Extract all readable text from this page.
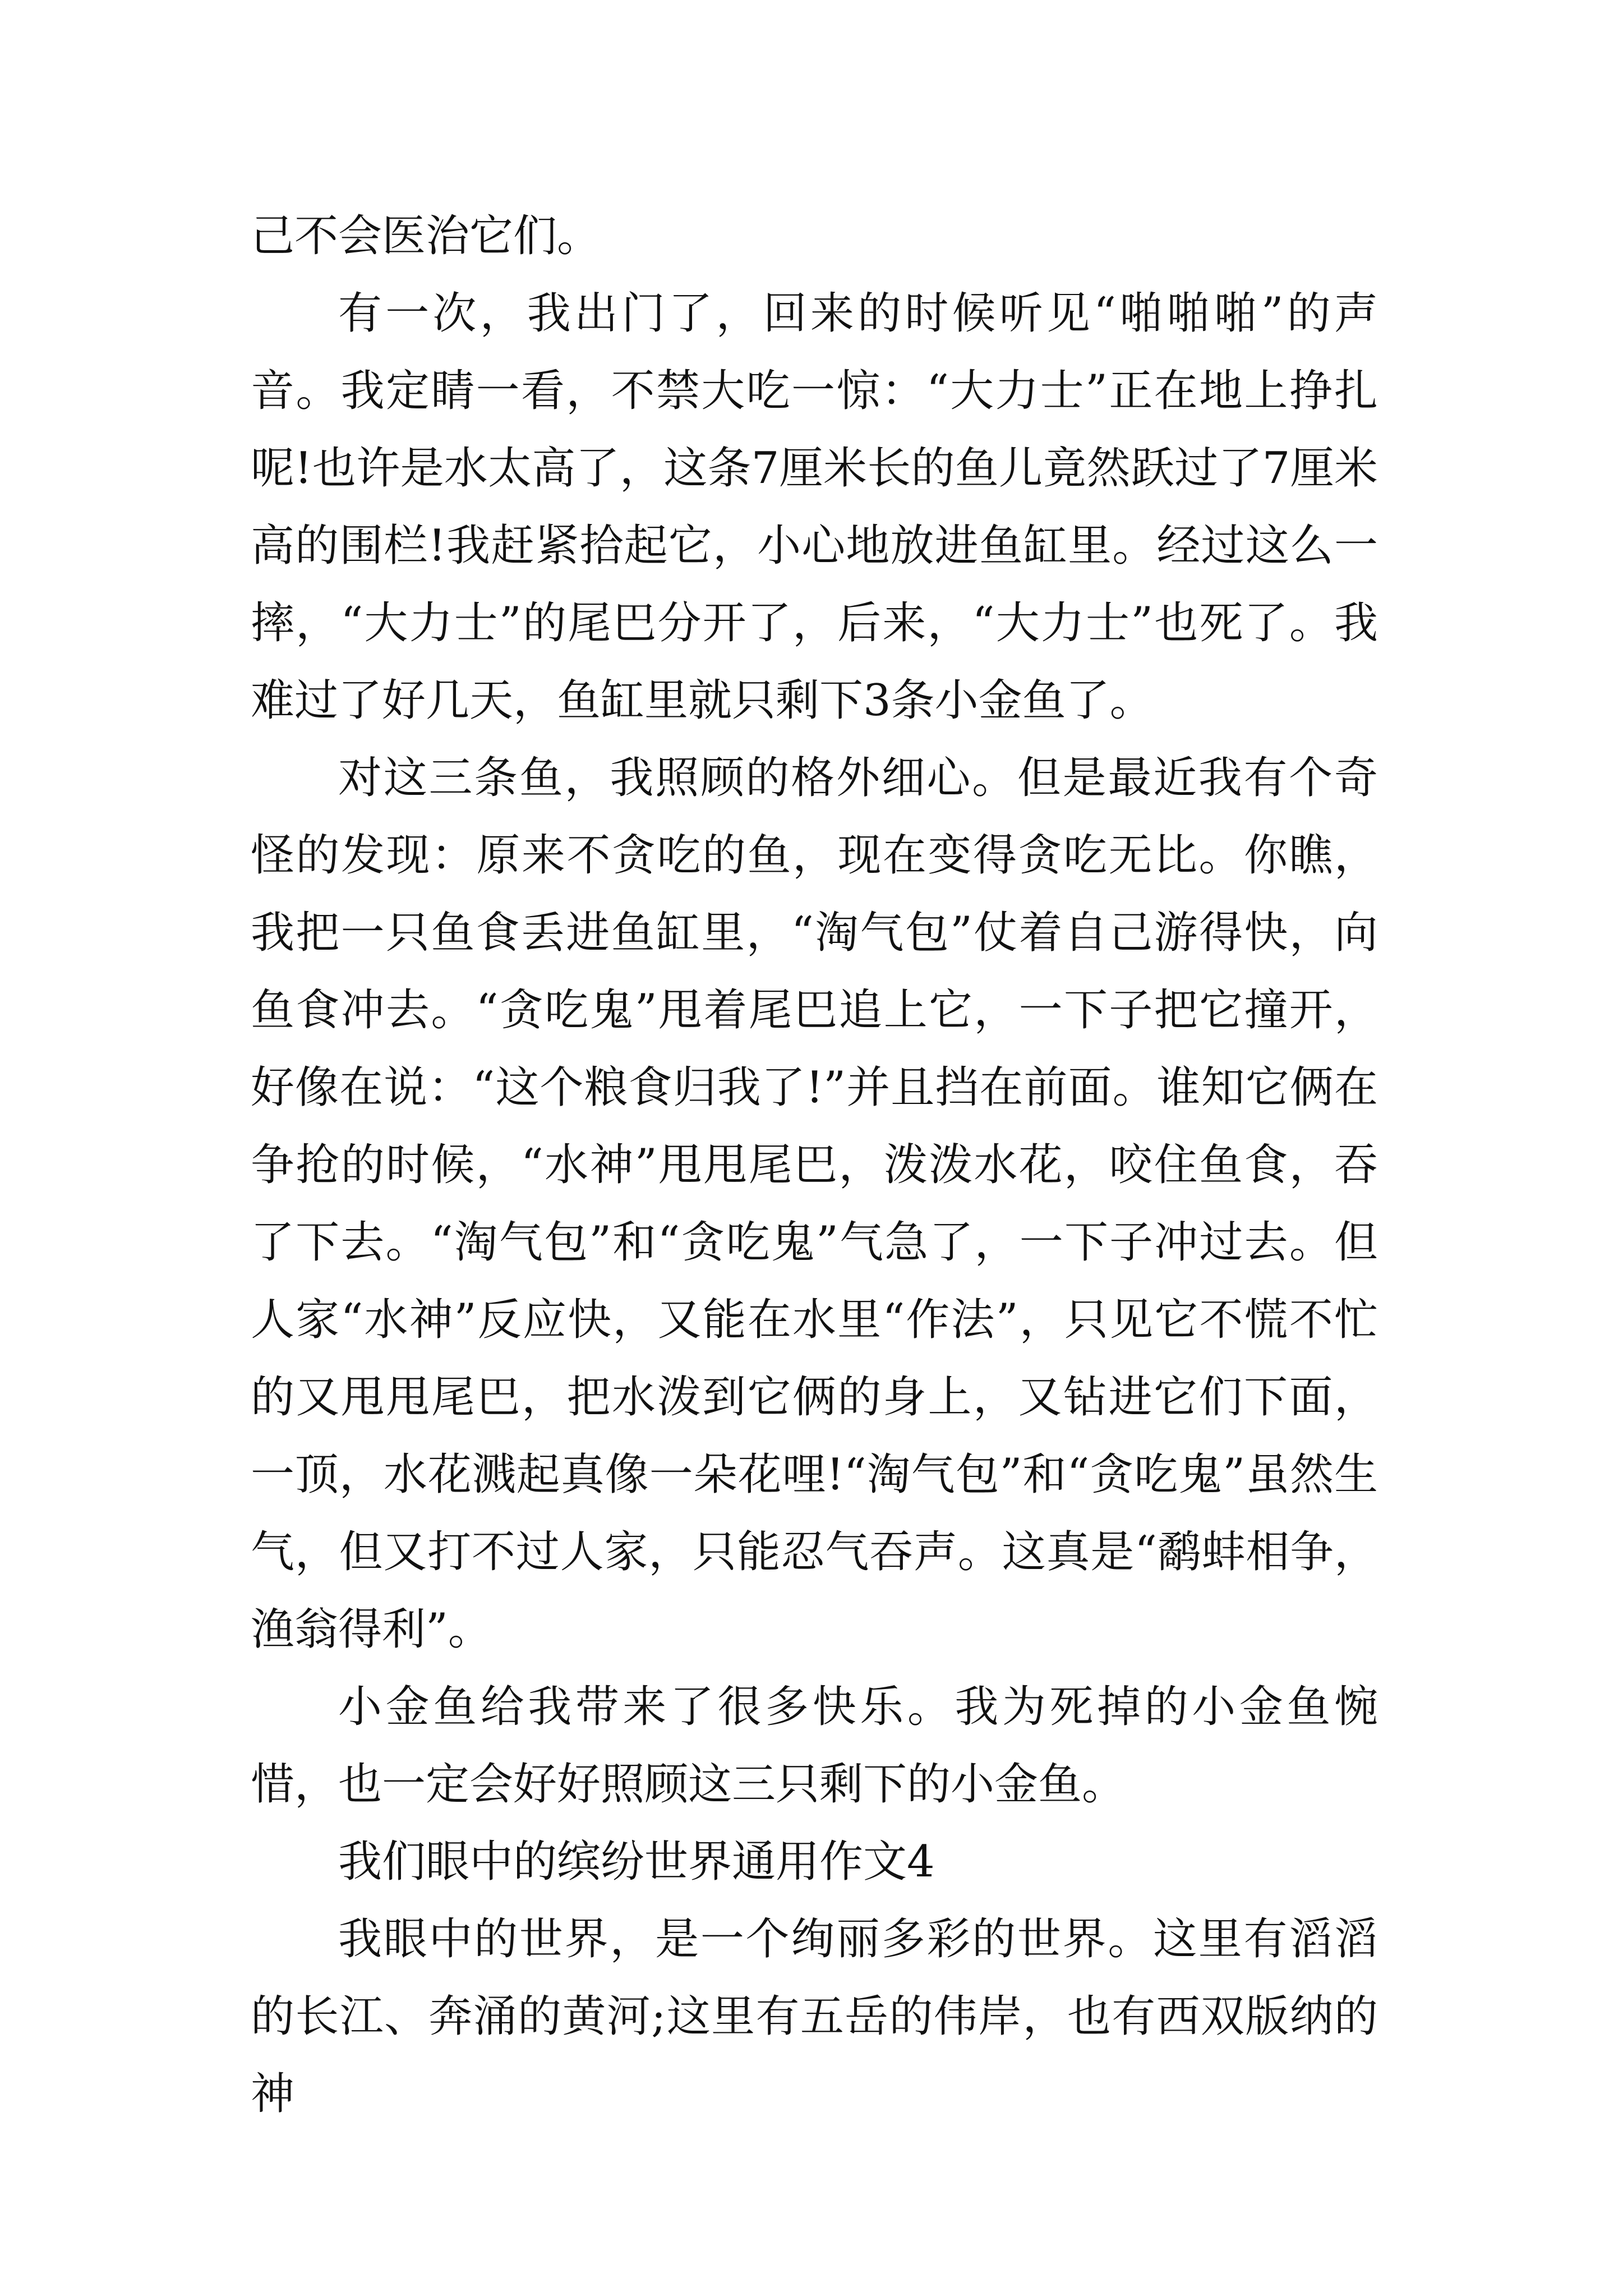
己不会医治它们。

有一次，我出门了，回来的时候听见“啪啪啪”的声音。我定睛一看，不禁大吃一惊：“大力士”正在地上挣扎呢!也许是水太高了，这条7厘米长的鱼儿竟然跃过了7厘米高的围栏!我赶紧拾起它，小心地放进鱼缸里。经过这么一摔，“大力士”的尾巴分开了，后来，“大力士”也死了。我难过了好几天，鱼缸里就只剩下3条小金鱼了。

对这三条鱼，我照顾的格外细心。但是最近我有个奇怪的发现：原来不贪吃的鱼，现在变得贪吃无比。你瞧，我把一只鱼食丢进鱼缸里，“淘气包”仗着自己游得快，向鱼食冲去。“贪吃鬼”甩着尾巴追上它，一下子把它撞开，好像在说：“这个粮食归我了!”并且挡在前面。谁知它俩在争抢的时候，“水神”甩甩尾巴，泼泼水花，咬住鱼食，吞了下去。“淘气包”和“贪吃鬼”气急了，一下子冲过去。但人家“水神”反应快，又能在水里“作法”，只见它不慌不忙的又甩甩尾巴，把水泼到它俩的身上，又钻进它们下面，一顶，水花溅起真像一朵花哩!“淘气包”和“贪吃鬼”虽然生气，但又打不过人家，只能忍气吞声。这真是“鹬蚌相争，渔翁得利”。

小金鱼给我带来了很多快乐。我为死掉的小金鱼惋惜，也一定会好好照顾这三只剩下的小金鱼。

我们眼中的缤纷世界通用作文4

我眼中的世界，是一个绚丽多彩的世界。这里有滔滔的长江、奔涌的黄河;这里有五岳的伟岸，也有西双版纳的神
